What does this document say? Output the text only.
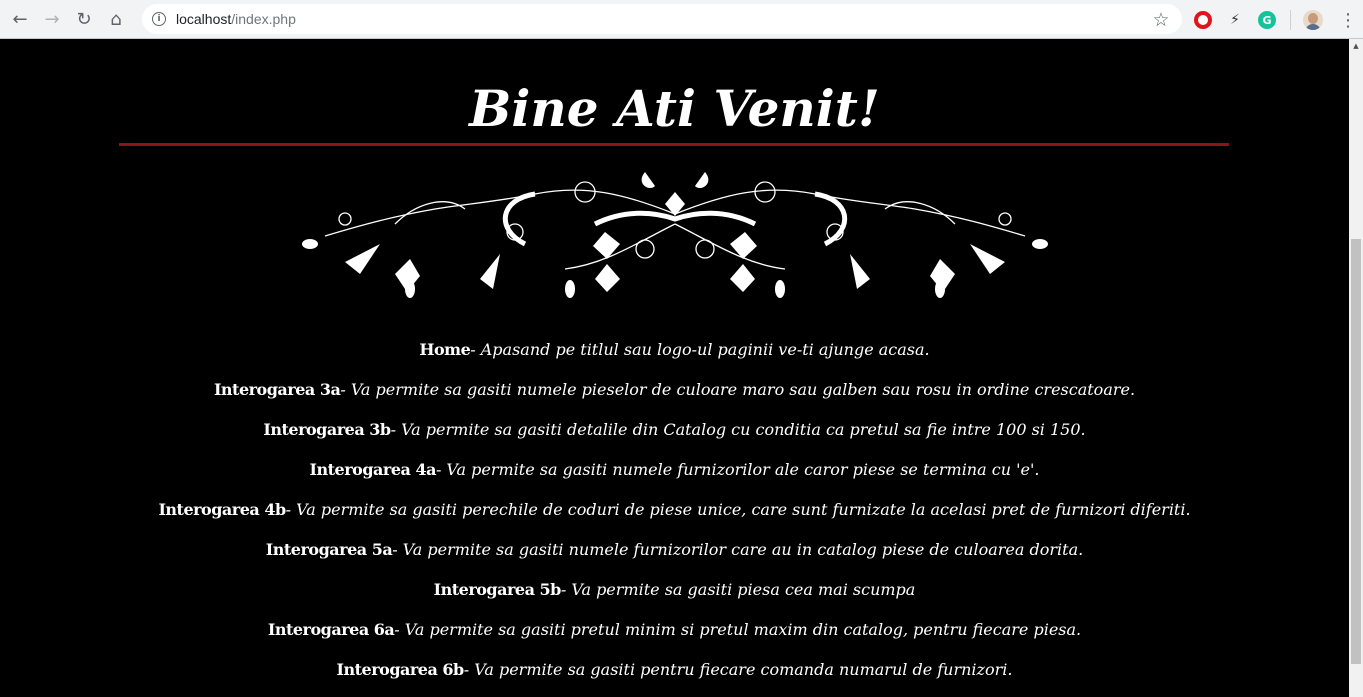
← → ↻	⌂	i	localhost /index.php	☆	⚡	G	⋮
Bine Ati Venit!
Home- Apasand pe titlul sau logo-ul paginii ve-ti ajunge acasa.
Interogarea 3a- Va permite sa gasiti numele pieselor de culoare maro sau galben sau rosu in ordine crescatoare.
Interogarea 3b- Va permite sa gasiti detalile din Catalog cu conditia ca pretul sa fie intre 100 si 150.
Interogarea 4a- Va permite sa gasiti numele furnizorilor ale caror piese se termina cu 'e'.
Interogarea 4b- Va permite sa gasiti perechile de coduri de piese unice, care sunt furnizate la acelasi pret de furnizori diferiti.
Interogarea 5a- Va permite sa gasiti numele furnizorilor care au in catalog piese de culoarea dorita.
Interogarea 5b- Va permite sa gasiti piesa cea mai scumpa
Interogarea 6a- Va permite sa gasiti pretul minim si pretul maxim din catalog, pentru fiecare piesa.
Interogarea 6b- Va permite sa gasiti pentru fiecare comanda numarul de furnizori.
▲
